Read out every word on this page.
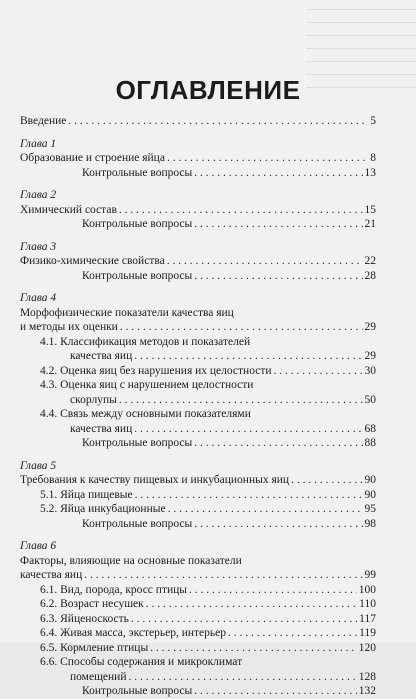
ОГЛАВЛЕНИЕ
Введение . . .	5
Глава 1
Образование и строение яйца . . .	8
Контрольные вопросы . . .	13
Глава 2
Химический состав . . .	15
Контрольные вопросы . . .	21
Глава 3
Физико-химические свойства . . .	22
Контрольные вопросы . . .	28
Глава 4
Морфофизические показатели качества яиц
и методы их оценки . . .	29
4.1. Классификация методов и показателей
качества яиц . . .	29
4.2. Оценка яиц без нарушения их целостности . . .	30
4.3. Оценка яиц с нарушением целостности
скорлупы . . .	50
4.4. Связь между основными показателями
качества яиц . . .	68
Контрольные вопросы . . .	88
Глава 5
Требования к качеству пищевых и инкубационных яиц . . .	90
5.1. Яйца пищевые . . .	90
5.2. Яйца инкубационные . . .	95
Контрольные вопросы . . .	98
Глава 6
Факторы, влияющие на основные показатели
качества яиц . . .	99
6.1. Вид, порода, кросс птицы . . .	100
6.2. Возраст несушек . . .	110
6.3. Яйценоскость . . .	117
6.4. Живая масса, экстерьер, интерьер . . .	119
6.5. Кормление птицы . . .	120
6.6. Способы содержания и микроклимат
помещений . . .	128
Контрольные вопросы . . .	132
